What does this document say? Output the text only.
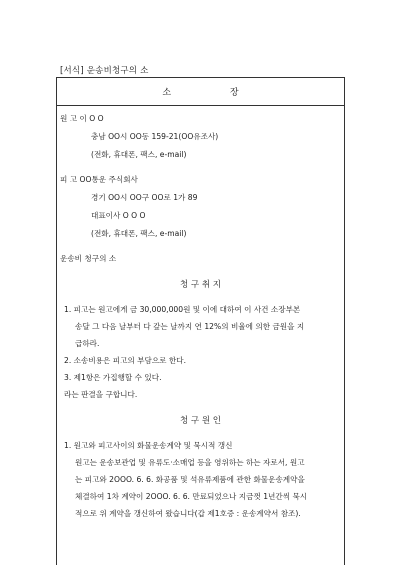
[서식] 운송비청구의 소
소 장
원 고 이 O O
충남 OO시 OO동 159-21(OO유조사)
(전화, 휴대폰, 팩스, e-mail)
피 고 OO통운 주식회사
경기 OO시 OO구 OO로 1가 89
대표이사 O O O
(전화, 휴대폰, 팩스, e-mail)
운송비 청구의 소
청 구 취 지
1. 피고는 원고에게 금 30,000,000원 및 이에 대하여 이 사건 소장부본
송달 그 다음 날부터 다 갚는 날까지 연 12%의 비율에 의한 금원을 지
급하라.
2. 소송비용은 피고의 부담으로 한다.
3. 제1항은 가집행할 수 있다.
라는 판결을 구합니다.
청 구 원 인
1. 원고와 피고사이의 화물운송계약 및 묵시적 갱신
원고는 운송보관업 및 유류도·소매업 등을 영위하는 하는 자로서, 원고
는 피고와 2OOO. 6. 6. 화공품 및 석유류제품에 관한 화물운송계약을
체결하여 1차 계약이 2OOO. 6. 6. 만료되었으나 지금껏 1년간씩 묵시
적으로 위 계약을 갱신하여 왔습니다(갑 제1호증 : 운송계약서 참조).
